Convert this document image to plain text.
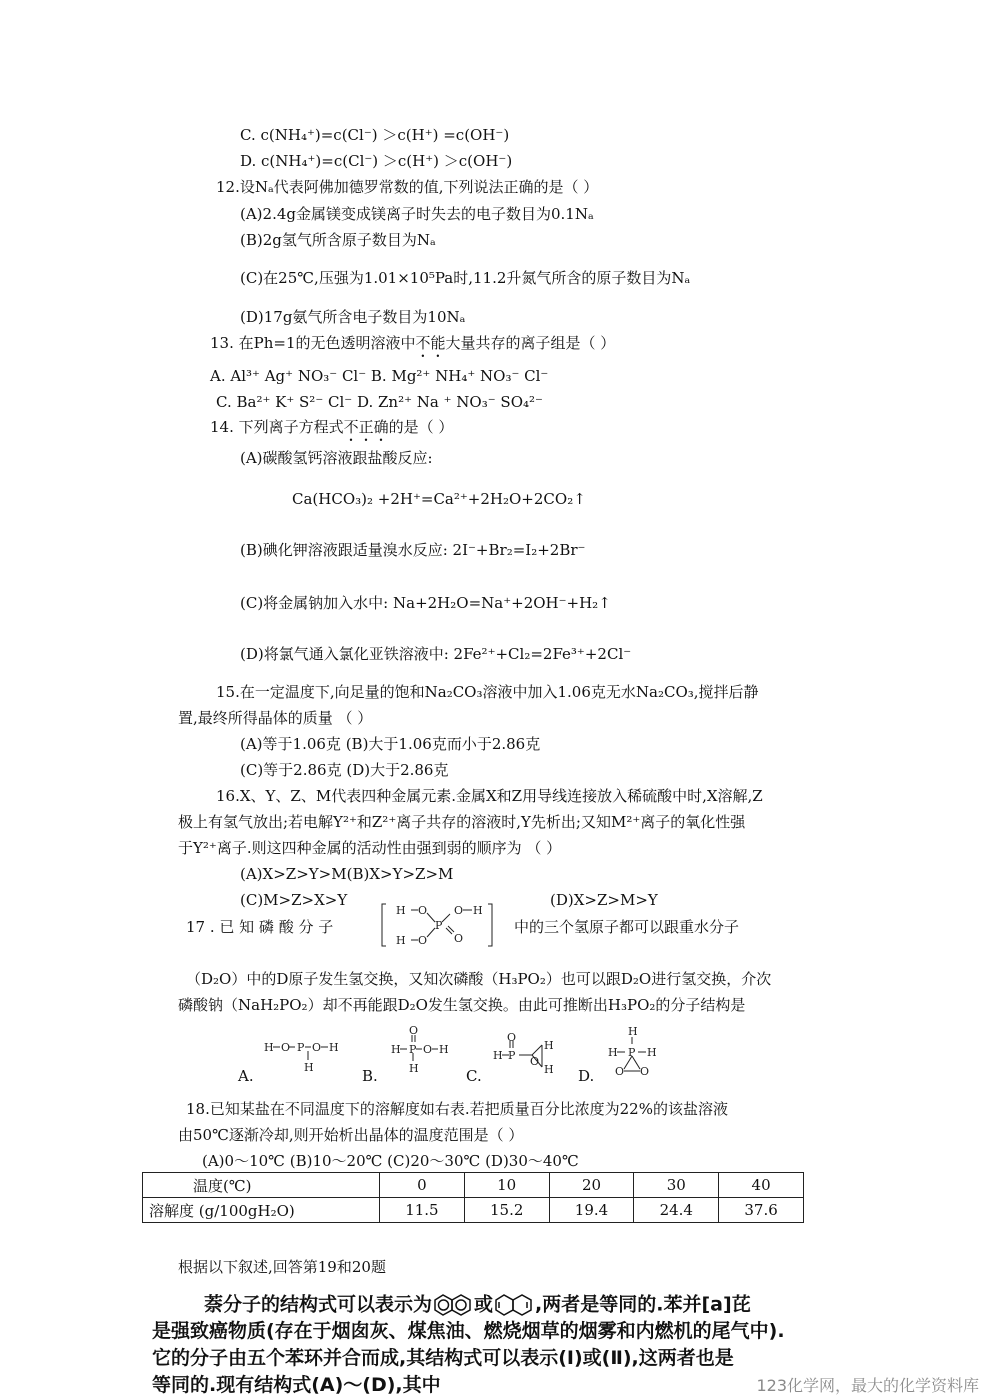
C. c(NH₄⁺)=c(Cl⁻) ＞c(H⁺) =c(OH⁻)
D. c(NH₄⁺)=c(Cl⁻) ＞c(H⁺) ＞c(OH⁻)
12.设Nₐ代表阿佛加德罗常数的值,下列说法正确的是（ ）
(A)2.4g金属镁变成镁离子时失去的电子数目为0.1Nₐ
(B)2g氢气所含原子数目为Nₐ
(C)在25℃,压强为1.01×10⁵Pa时,11.2升氮气所含的原子数目为Nₐ
(D)17g氨气所含电子数目为10Nₐ
13. 在Ph=1的无色透明溶液中不能大量共存的离子组是（ ）
A. Al³⁺ Ag⁺ NO₃⁻ Cl⁻ B. Mg²⁺ NH₄⁺ NO₃⁻ Cl⁻
C. Ba²⁺ K⁺ S²⁻ Cl⁻ D. Zn²⁺ Na ⁺ NO₃⁻ SO₄²⁻
14. 下列离子方程式不正确的是（ ）
(A)碳酸氢钙溶液跟盐酸反应:
Ca(HCO₃)₂ +2H⁺=Ca²⁺+2H₂O+2CO₂↑
(B)碘化钾溶液跟适量溴水反应: 2I⁻+Br₂=I₂+2Br⁻
(C)将金属钠加入水中: Na+2H₂O=Na⁺+2OH⁻+H₂↑
(D)将氯气通入氯化亚铁溶液中: 2Fe²⁺+Cl₂=2Fe³⁺+2Cl⁻
15.在一定温度下,向足量的饱和Na₂CO₃溶液中加入1.06克无水Na₂CO₃,搅拌后静
置,最终所得晶体的质量 （ ）
(A)等于1.06克 (B)大于1.06克而小于2.86克
(C)等于2.86克 (D)大于2.86克
16.X、Y、Z、M代表四种金属元素.金属X和Z用导线连接放入稀硫酸中时,X溶解,Z
极上有氢气放出;若电解Y²⁺和Z²⁺离子共存的溶液时,Y先析出;又知M²⁺离子的氧化性强
于Y²⁺离子.则这四种金属的活动性由强到弱的顺序为 （ ）
(A)X>Z>Y>M(B)X>Y>Z>M
(C)M>Z>X>Y	(D)X>Z>M>Y
17 . 已 知 磷 酸 分 子
H O
H O
P
O H
O
中的三个氢原子都可以跟重水分子
（D₂O）中的D原子发生氢交换，又知次磷酸（H₃PO₂）也可以跟D₂O进行氢交换，介次
磷酸钠（NaH₂PO₂）却不再能跟D₂O发生氢交换。由此可推断出H₃PO₂的分子结构是
A.
H O P O H
H	B.
H
O
P O H
H	C.
H
O
P
H
H
O
D.
H
H P H
O O
18.已知某盐在不同温度下的溶解度如右表.若把质量百分比浓度为22%的该盐溶液
由50℃逐渐冷却,则开始析出晶体的温度范围是（ ）
(A)0～10℃ (B)10～20℃ (C)20～30℃ (D)30～40℃
温度(℃)	0	10	20	30	40
溶解度 (g/100gH₂O)	11.5	15.2	19.4	24.4	37.6
根据以下叙述,回答第19和20题
萘分子的结构式可以表示为 或 ,两者是等同的.苯并[a]芘
是强致癌物质(存在于烟囱灰、煤焦油、燃烧烟草的烟雾和内燃机的尾气中).
它的分子由五个苯环并合而成,其结构式可以表示(Ⅰ)或(Ⅱ),这两者也是
等同的.现有结构式(A)～(D),其中	123化学网，最大的化学资料库
